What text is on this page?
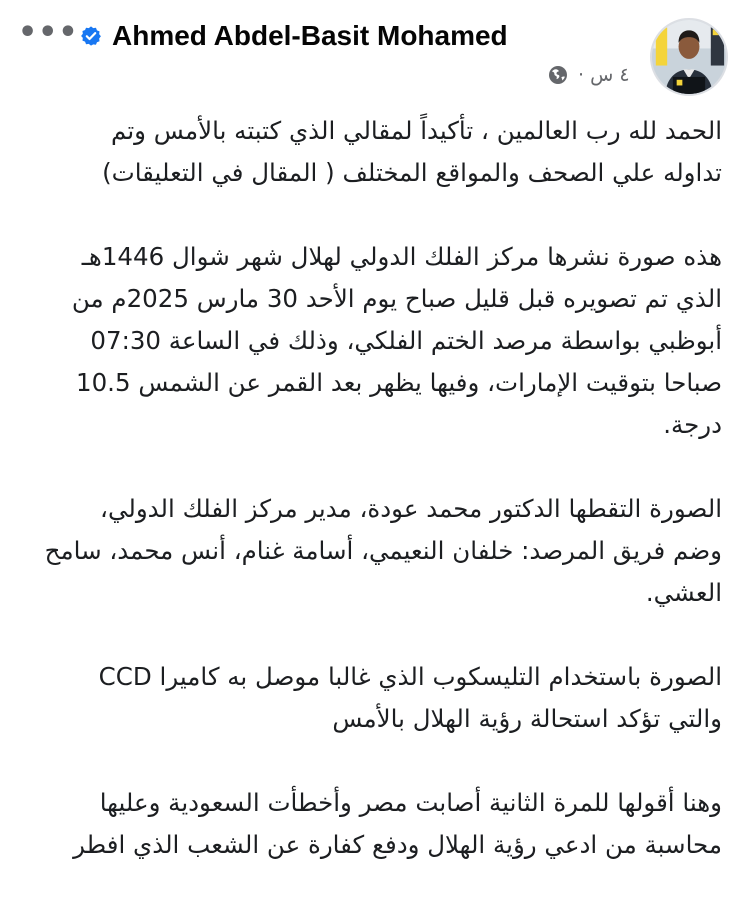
••• Ahmed Abdel-Basit Mohamed
٤ س ·

الحمد لله رب العالمين ، تأكيداً لمقالي الذي كتبته بالأمس وتم
تداوله علي الصحف والمواقع المختلف ( المقال في التعليقات)

هذه صورة نشرها مركز الفلك الدولي لهلال شهر شوال 1446هـ
الذي تم تصويره قبل قليل صباح يوم الأحد 30 مارس 2025م من
أبوظبي بواسطة مرصد الختم الفلكي، وذلك في الساعة 07:30
صباحا بتوقيت الإمارات، وفيها يظهر بعد القمر عن الشمس 10.5
درجة.

الصورة التقطها الدكتور محمد عودة، مدير مركز الفلك الدولي،
وضم فريق المرصد: خلفان النعيمي، أسامة غنام، أنس محمد، سامح
العشي.

الصورة باستخدام التليسكوب الذي غالبا موصل به كاميرا CCD
والتي تؤكد استحالة رؤية الهلال بالأمس

وهنا أقولها للمرة الثانية أصابت مصر وأخطأت السعودية وعليها
محاسبة من ادعي رؤية الهلال ودفع كفارة عن الشعب الذي افطر
